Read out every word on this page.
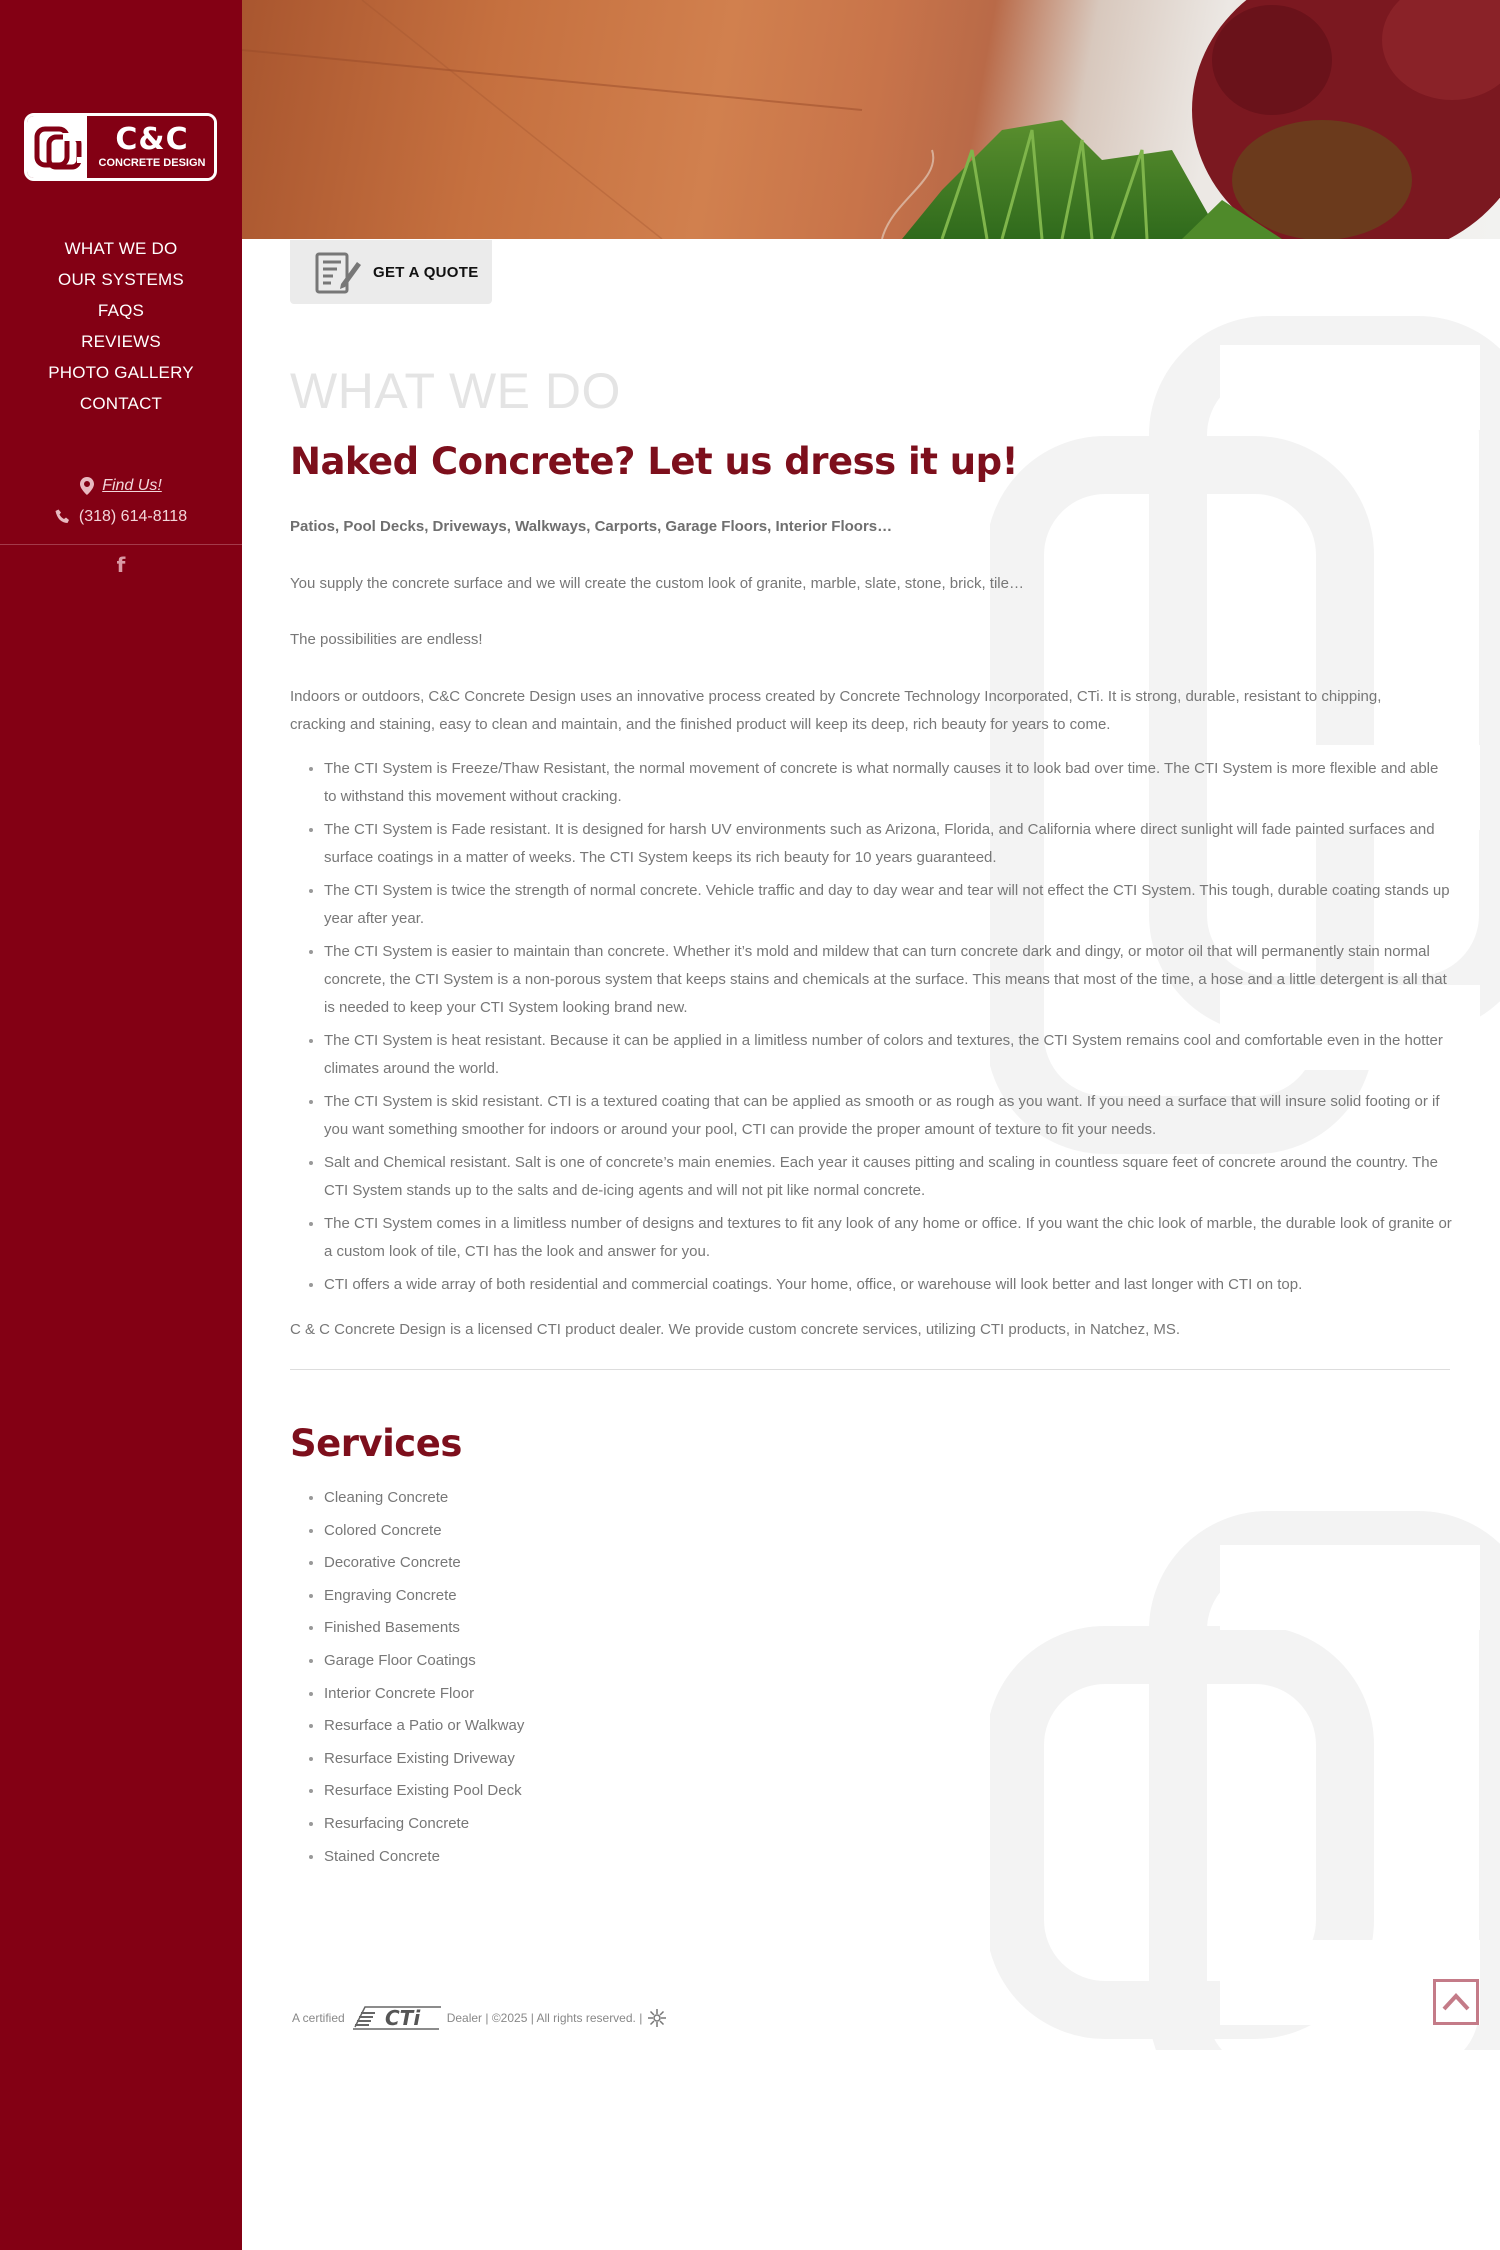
C&C
CONCRETE DESIGN
WHAT WE DO
OUR SYSTEMS
FAQS
REVIEWS
PHOTO GALLERY
CONTACT
Find Us!
(318) 614-8118
f
GET A QUOTE
WHAT WE DO
Naked Concrete? Let us dress it up!

Patios, Pool Decks, Driveways, Walkways, Carports, Garage Floors, Interior Floors…

You supply the concrete surface and we will create the custom look of granite, marble, slate, stone, brick, tile…

The possibilities are endless!

Indoors or outdoors, C&C Concrete Design uses an innovative process created by Concrete Technology Incorporated, CTi. It is strong, durable, resistant to chipping, cracking and staining, easy to clean and maintain, and the finished product will keep its deep, rich beauty for years to come.

• The CTI System is Freeze/Thaw Resistant, the normal movement of concrete is what normally causes it to look bad over time. The CTI System is more flexible and able to withstand this movement without cracking.
• The CTI System is Fade resistant. It is designed for harsh UV environments such as Arizona, Florida, and California where direct sunlight will fade painted surfaces and surface coatings in a matter of weeks. The CTI System keeps its rich beauty for 10 years guaranteed.
• The CTI System is twice the strength of normal concrete. Vehicle traffic and day to day wear and tear will not effect the CTI System. This tough, durable coating stands up year after year.
• The CTI System is easier to maintain than concrete. Whether it’s mold and mildew that can turn concrete dark and dingy, or motor oil that will permanently stain normal concrete, the CTI System is a non-porous system that keeps stains and chemicals at the surface. This means that most of the time, a hose and a little detergent is all that is needed to keep your CTI System looking brand new.
• The CTI System is heat resistant. Because it can be applied in a limitless number of colors and textures, the CTI System remains cool and comfortable even in the hotter climates around the world.
• The CTI System is skid resistant. CTI is a textured coating that can be applied as smooth or as rough as you want. If you need a surface that will insure solid footing or if you want something smoother for indoors or around your pool, CTI can provide the proper amount of texture to fit your needs.
• Salt and Chemical resistant. Salt is one of concrete’s main enemies. Each year it causes pitting and scaling in countless square feet of concrete around the country. The CTI System stands up to the salts and de-icing agents and will not pit like normal concrete.
• The CTI System comes in a limitless number of designs and textures to fit any look of any home or office. If you want the chic look of marble, the durable look of granite or a custom look of tile, CTI has the look and answer for you.
• CTI offers a wide array of both residential and commercial coatings. Your home, office, or warehouse will look better and last longer with CTI on top.

C & C Concrete Design is a licensed CTI product dealer. We provide custom concrete services, utilizing CTI products, in Natchez, MS.

Services
• Cleaning Concrete
• Colored Concrete
• Decorative Concrete
• Engraving Concrete
• Finished Basements
• Garage Floor Coatings
• Interior Concrete Floor
• Resurface a Patio or Walkway
• Resurface Existing Driveway
• Resurface Existing Pool Deck
• Resurfacing Concrete
• Stained Concrete
A certified CTi Dealer | ©2025 | All rights reserved. |
